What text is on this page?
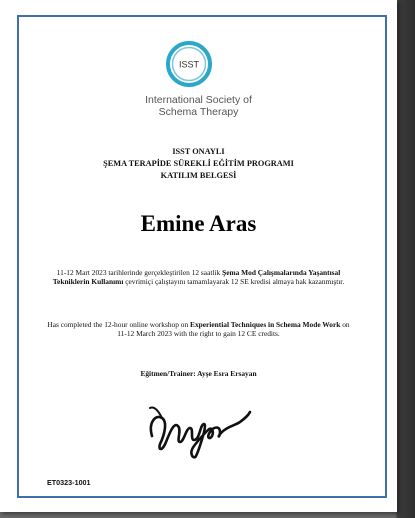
ISST
International Society of
Schema Therapy
ISST ONAYLI
ŞEMA TERAPİDE SÜREKLİ EĞİTİM PROGRAMI
KATILIM BELGESİ
Emine Aras
11-12 Mart 2023 tarihlerinde gerçekleştirilen 12 saatlik Şema Mod Çalışmalarında Yaşantısal Tekniklerin Kullanımı çevrimiçi çalıştayını tamamlayarak 12 SE kredisi almaya hak kazanmıştır.
Has completed the 12-hour online workshop on Experiential Techniques in Schema Mode Work on 11-12 March 2023 with the right to gain 12 CE credits.
Eğitmen/Trainer: Ayşe Esra Ersayan
ET0323-1001
